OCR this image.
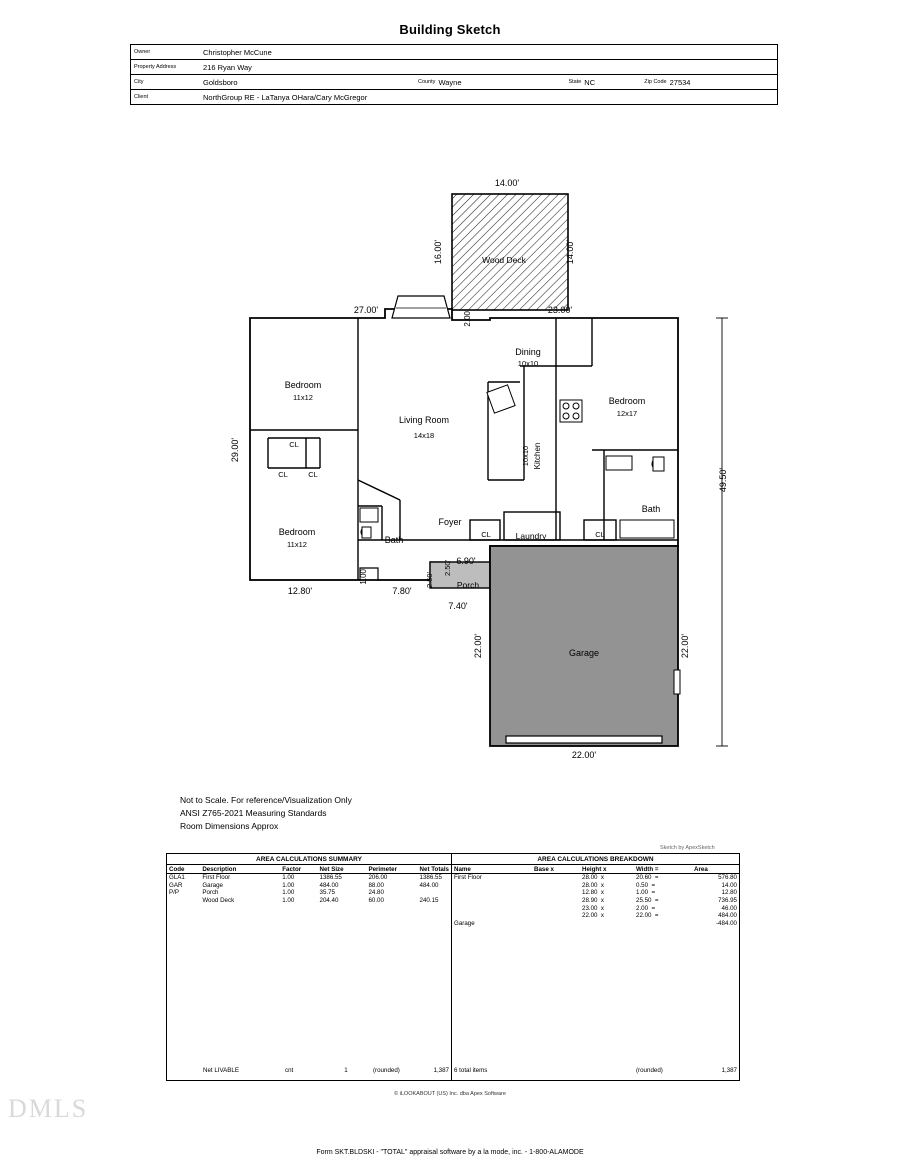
Building Sketch
Owner	Christopher McCune
Property Address	216 Ryan Way
City	Goldsboro	County Wayne	State NC	Zip Code 27534
Client	NorthGroup RE - LaTanya OHara/Cary McGregor
Wood Deck
14.00'
16.00'	14.00'
Porch
Garage
CL
CL	CL
CL	CL
Bedroom
11x12
Bedroom
11x12
Bedroom
12x17
Living Room
14x18
Dining
10x10
Kitchen
10x10
Bath
Bath
Foyer
Laundry
27.00'	2.00'	23.00'
29.00'
49.50'
12.80'
1.00'
7.80'
2.50'
2.50' 6.90'
7.40'
22.00'	22.00'
22.00'
Not to Scale. For reference/Visualization Only
ANSI Z765-2021 Measuring Standards
Room Dimensions Approx
Sketch by ApexSketch
AREA CALCULATIONS SUMMARY
Code	Description	Factor	Net Size	Perimeter	Net Totals
GLA1	First Floor	1.00	1386.55	206.00	1386.55
GAR	Garage	1.00	484.00	88.00	484.00
P/P	Porch	1.00	35.75	24.80	
	Wood Deck	1.00	204.40	60.00	240.15
	Net LIVABLE	cnt	1	(rounded)	1,387
AREA CALCULATIONS BREAKDOWN
Name	Base x	Height x	Width =	Area
First Floor		28.00  x	20.60  =	576.80
		28.00  x	0.50  =	14.00
		12.80  x	1.00  =	12.80
		28.90  x	25.50  =	736.95
		23.00  x	2.00  =	46.00
		22.00  x	22.00  =	484.00
Garage				-484.00
6 total items			(rounded)	1,387
© iLOOKABOUT (US) Inc. dba Apex Software
DMLS
Form SKT.BLDSKI - "TOTAL" appraisal software by a la mode, inc. - 1-800-ALAMODE
